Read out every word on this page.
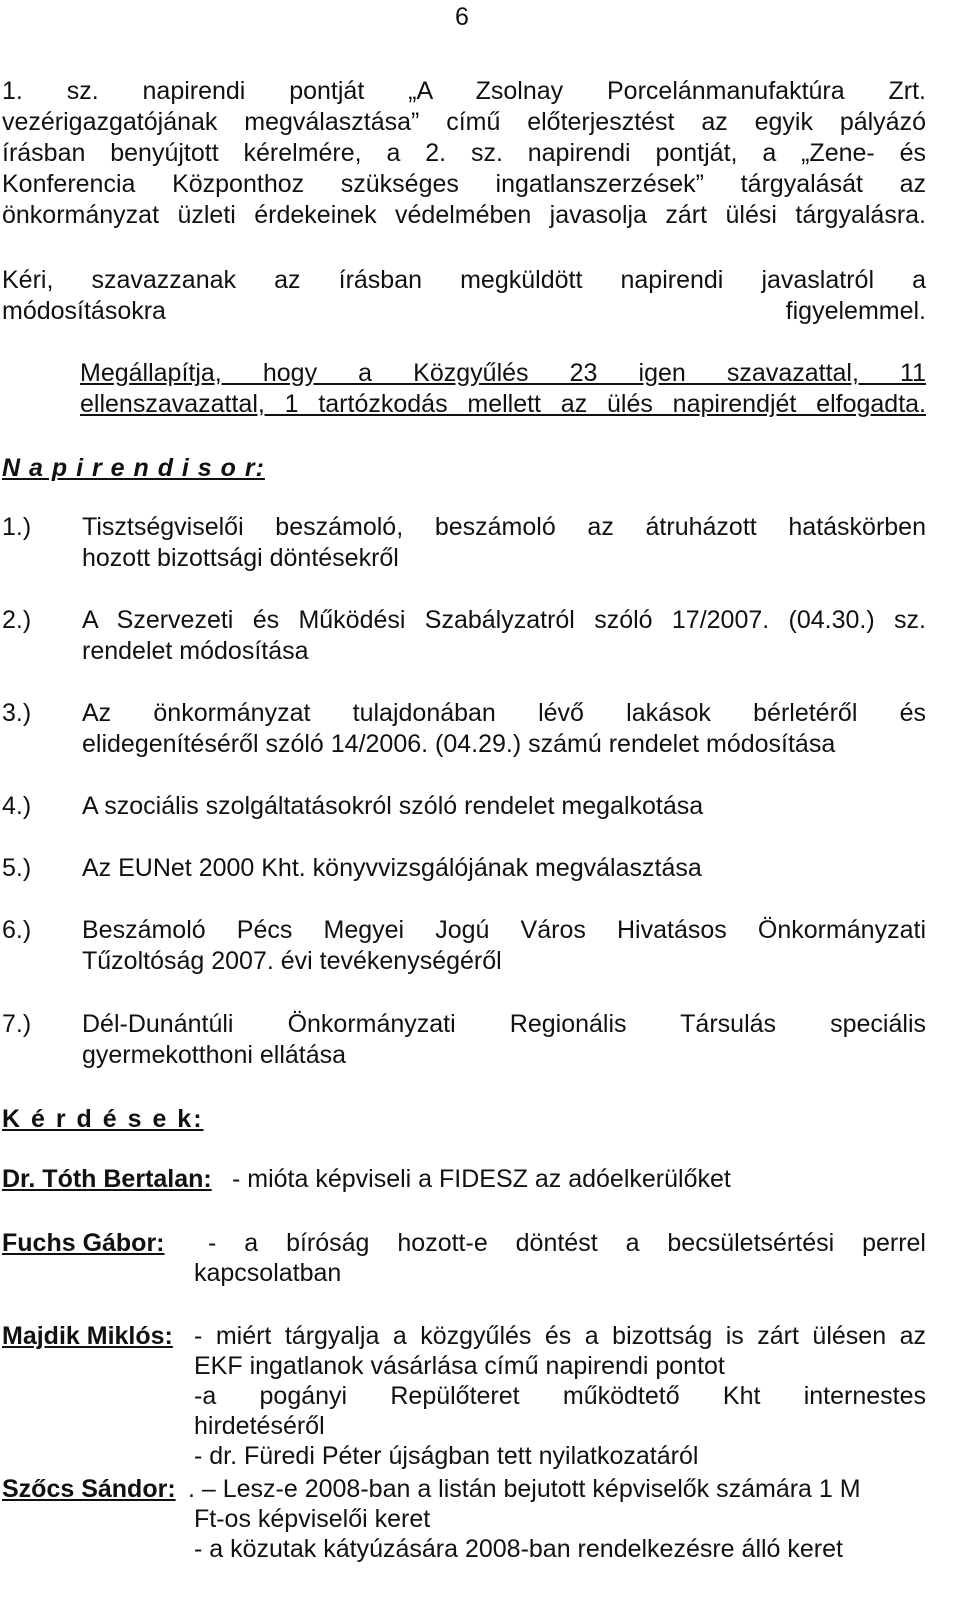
6
1. sz. napirendi pontját „A Zsolnay Porcelánmanufaktúra Zrt.
vezérigazgatójának megválasztása” című előterjesztést az egyik pályázó
írásban benyújtott kérelmére, a 2. sz. napirendi pontját, a „Zene- és
Konferencia Központhoz szükséges ingatlanszerzések” tárgyalását az
önkormányzat üzleti érdekeinek védelmében javasolja zárt ülési tárgyalásra.
Kéri, szavazzanak az írásban megküldött napirendi javaslatról a
módosításokra figyelemmel.
Megállapítja, hogy a Közgyűlés 23 igen szavazattal, 11
ellenszavazattal, 1 tartózkodás mellett az ülés napirendjét elfogadta.
N a p i r e n d i s o r:
1.) Tisztségviselői beszámoló, beszámoló az átruházott hatáskörben
hozott bizottsági döntésekről
2.) A Szervezeti és Működési Szabályzatról szóló 17/2007. (04.30.) sz.
rendelet módosítása
3.) Az önkormányzat tulajdonában lévő lakások bérletéről és
elidegenítéséről szóló 14/2006. (04.29.) számú rendelet módosítása
4.) A szociális szolgáltatásokról szóló rendelet megalkotása
5.) Az EUNet 2000 Kht. könyvvizsgálójának megválasztása
6.) Beszámoló Pécs Megyei Jogú Város Hivatásos Önkormányzati
Tűzoltóság 2007. évi tevékenységéről
7.) Dél-Dunántúli Önkormányzati Regionális Társulás speciális
gyermekotthoni ellátása
K é r d é s e k:
Dr. Tóth Bertalan: - mióta képviseli a FIDESZ az adóelkerülőket
Fuchs Gábor: - a bíróság hozott-e döntést a becsületsértési perrel
kapcsolatban
Majdik Miklós: - miért tárgyalja a közgyűlés és a bizottság is zárt ülésen az
EKF ingatlanok vásárlása című napirendi pontot
-a pogányi Repülőteret működtető Kht internestes
hirdetéséről
- dr. Füredi Péter újságban tett nyilatkozatáról
Szőcs Sándor: . – Lesz-e 2008-ban a listán bejutott képviselők számára 1 M
Ft-os képviselői keret
- a közutak kátyúzására 2008-ban rendelkezésre álló keret
